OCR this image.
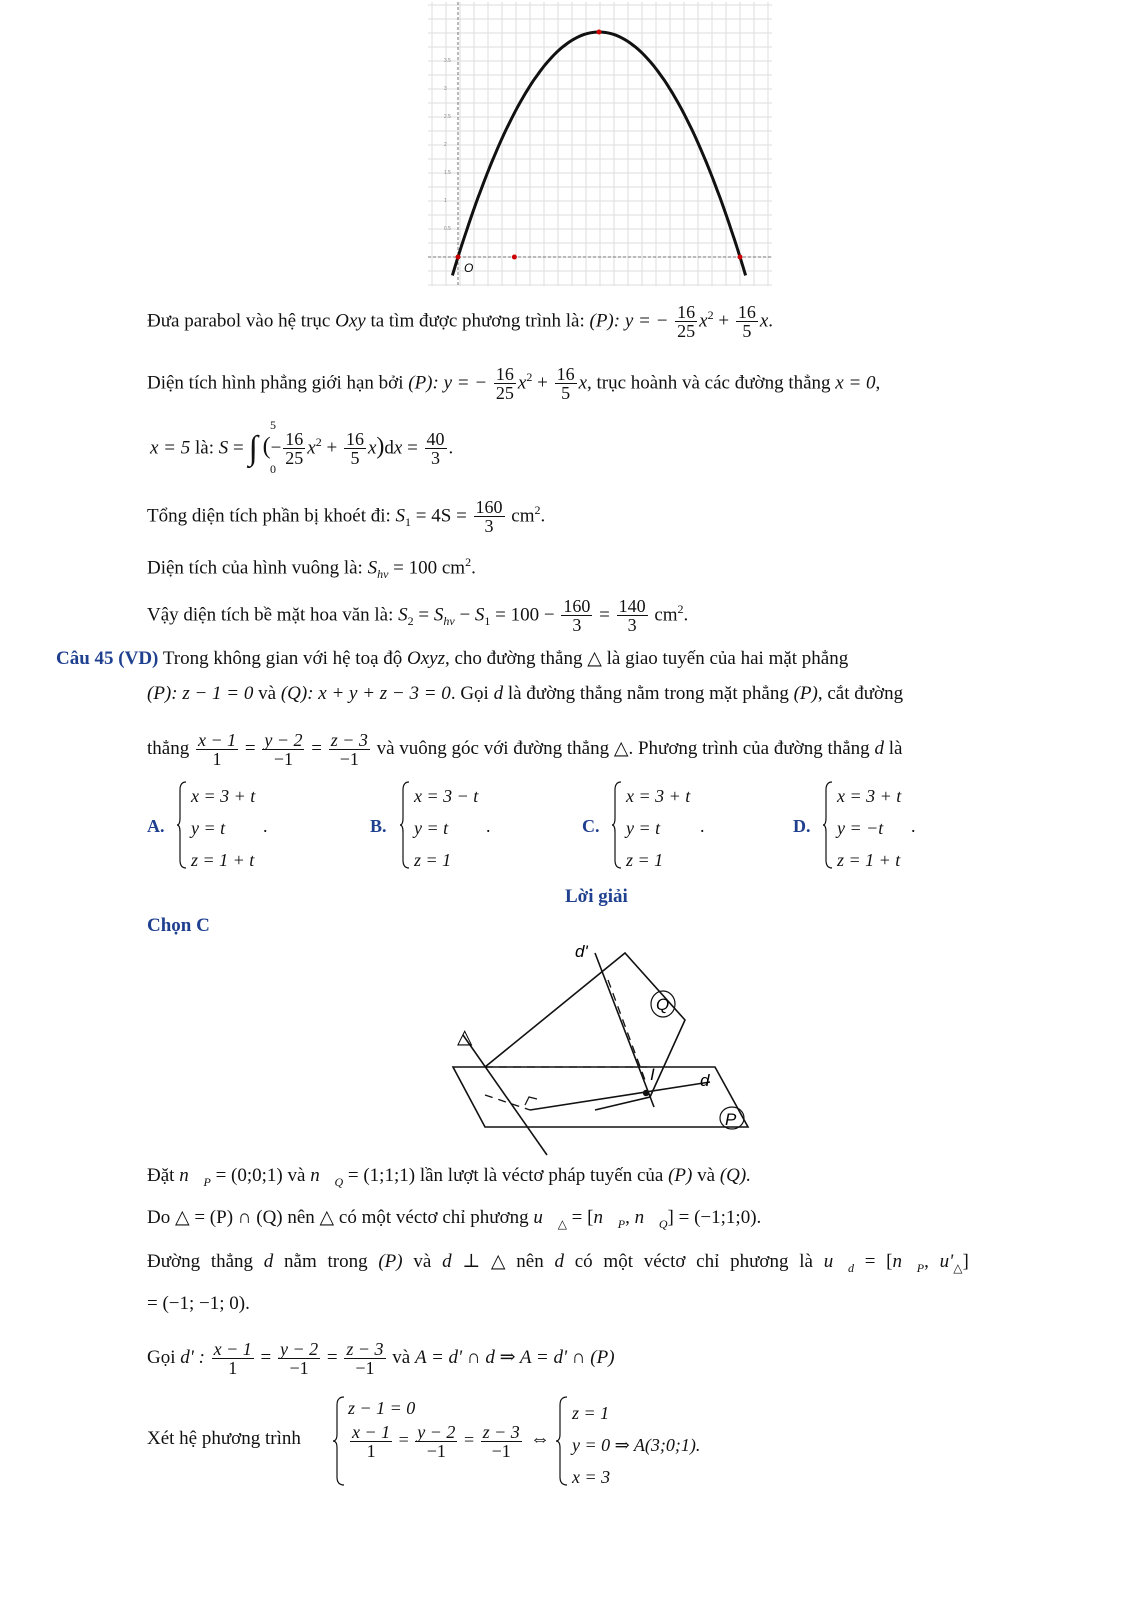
3.5
3
2.5
2
1.5
1
0.5
O
Đưa parabol vào hệ trục Oxy ta tìm được phương trình là: (P): y = − $\frac{16}{25} x^2 + \frac{16}{5} x$.
Diện tích hình phẳng giới hạn bởi (P): y = − $\frac{16}{25} x^2 + \frac{16}{5} x$, trục hoành và các đường thẳng x = 0,
x = 5 là: S = ∫ (− $\frac{16}{25} x^2 + \frac{16}{5} x)dx = \frac{40}{3}$ .
5
0
Tổng diện tích phần bị khoét đi: $S_1 = 4S = \frac{160}{3} cm^2$.
Diện tích của hình vuông là: $S_{hv} = 100$ $cm^2$.
Vậy diện tích bề mặt hoa văn là: $S_2 = S_{hv} - S_1 = 100 - \frac{160}{3} = \frac{140}{3} cm^2$.
Câu 45 (VD) Trong không gian với hệ toạ độ Oxyz, cho đường thẳng △ là giao tuyến của hai mặt phẳng
(P): z − 1 = 0 và (Q): x + y + z − 3 = 0. Gọi d là đường thẳng nằm trong mặt phẳng (P), cắt đường
thẳng $\frac{x - 1}{1} = \frac{y - 2}{-1} = \frac{z - 3}{-1}$ và vuông góc với đường thẳng △. Phương trình của đường thẳng d là
A.
x = 3 + t
y = t
z = 1 + t
.	B.
x = 3 − t
y = t
z = 1
.	C.
x = 3 + t
y = t
z = 1
.	D.
x = 3 + t
y = −t
z = 1 + t
.
Lời giải
Chọn C
d'
Q
△
I	d
P
Đặt $n⃗_P$ = (0;0;1) và $n⃗_Q$ = (1;1;1) lần lượt là véctơ pháp tuyến của (P) và (Q).
Do △ = (P) ∩ (Q) nên △ có một véctơ chỉ phương $u⃗_\triangle$ = [$n⃗_P$, $n⃗_Q$] = (−1;1;0).
Đường thẳng d nằm trong (P) và d ⊥ △ nên d có một véctơ chỉ phương là $u⃗_d$ = [$n⃗_P$, $u'_\triangle$]
= (−1; −1; 0).
Gọi d' : $\frac{x - 1}{1} = \frac{y - 2}{-1} = \frac{z - 3}{-1}$ và A = d' ∩ d ⇒ A = d' ∩ (P)
Xét hệ phương trình
z − 1 = 0
$\frac{x - 1}{1} = \frac{y - 2}{-1} = \frac{z - 3}{-1}$ ⇔
z = 1
y = 0 ⇒ A(3;0;1).
x = 3
